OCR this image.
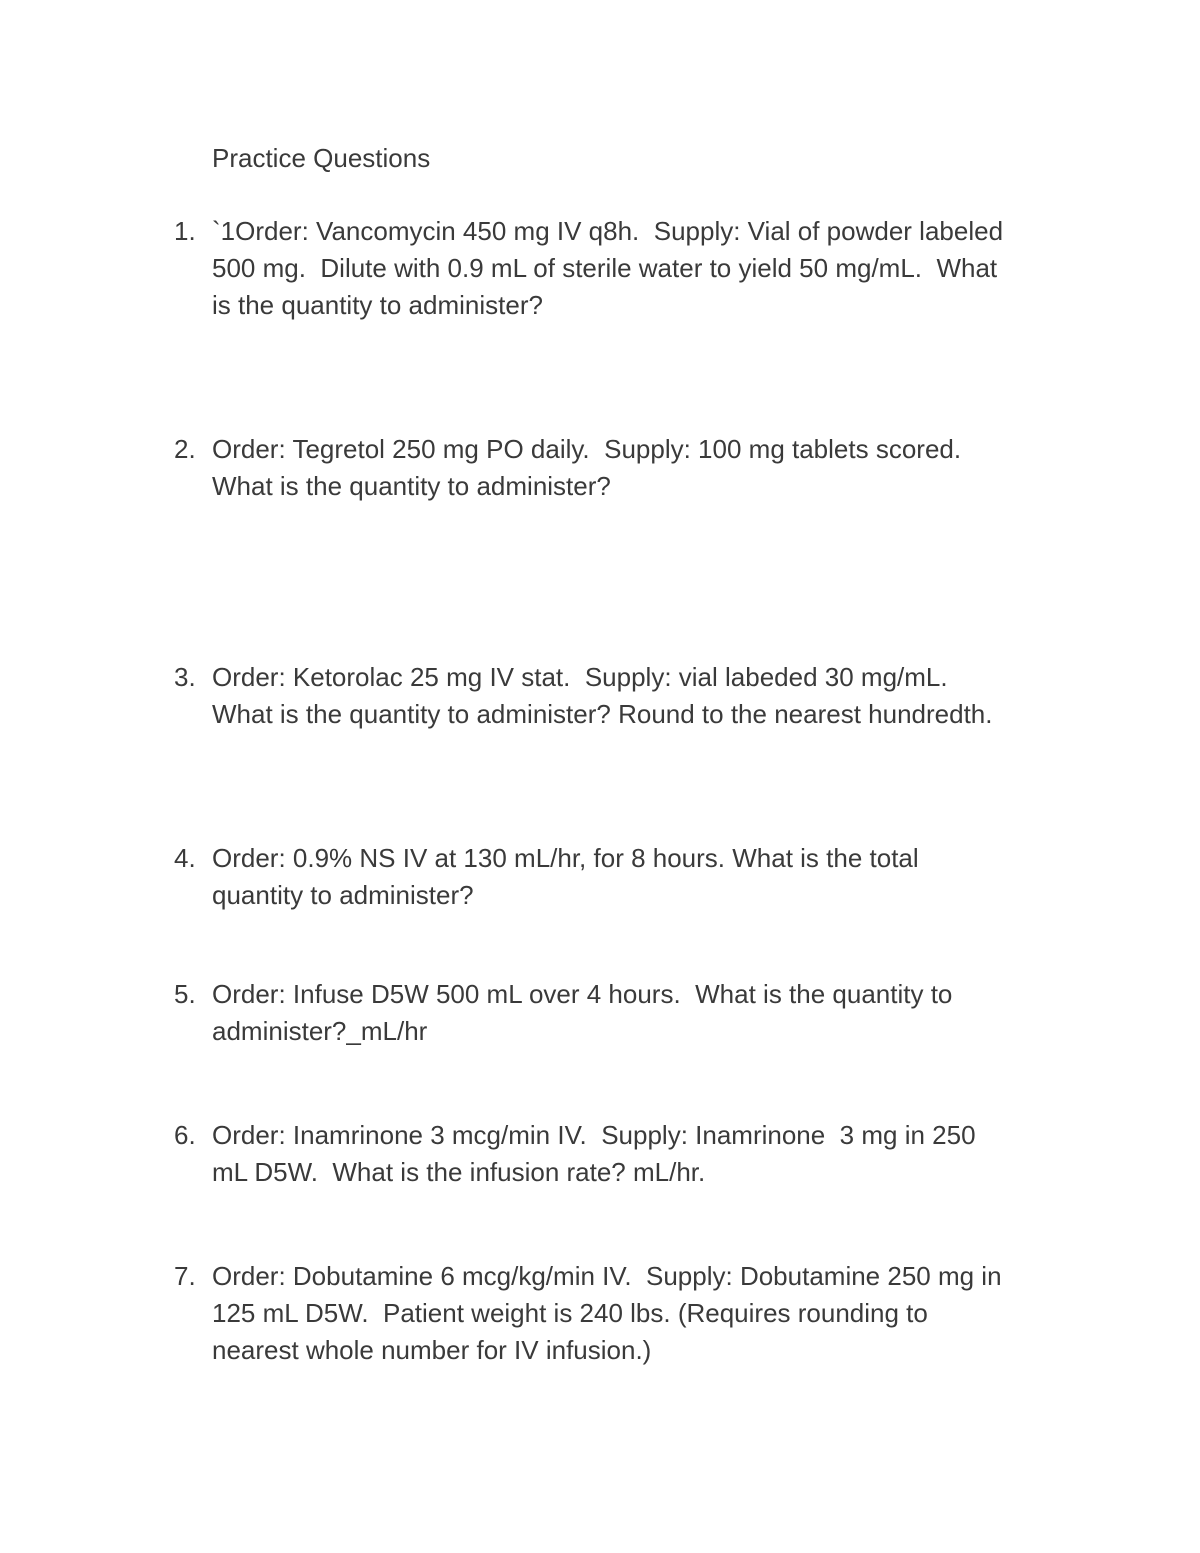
Practice Questions
1. `1Order: Vancomycin 450 mg IV q8h.  Supply: Vial of powder labeled
500 mg.  Dilute with 0.9 mL of sterile water to yield 50 mg/mL.  What
is the quantity to administer?
2. Order: Tegretol 250 mg PO daily.  Supply: 100 mg tablets scored.
What is the quantity to administer?
3. Order: Ketorolac 25 mg IV stat.  Supply: vial labeded 30 mg/mL.
What is the quantity to administer? Round to the nearest hundredth.
4. Order: 0.9% NS IV at 130 mL/hr, for 8 hours. What is the total
quantity to administer?
5. Order: Infuse D5W 500 mL over 4 hours.  What is the quantity to
administer?_mL/hr
6. Order: Inamrinone 3 mcg/min IV.  Supply: Inamrinone  3 mg in 250
mL D5W.  What is the infusion rate? mL/hr.
7. Order: Dobutamine 6 mcg/kg/min IV.  Supply: Dobutamine 250 mg in
125 mL D5W.  Patient weight is 240 lbs. (Requires rounding to
nearest whole number for IV infusion.)
